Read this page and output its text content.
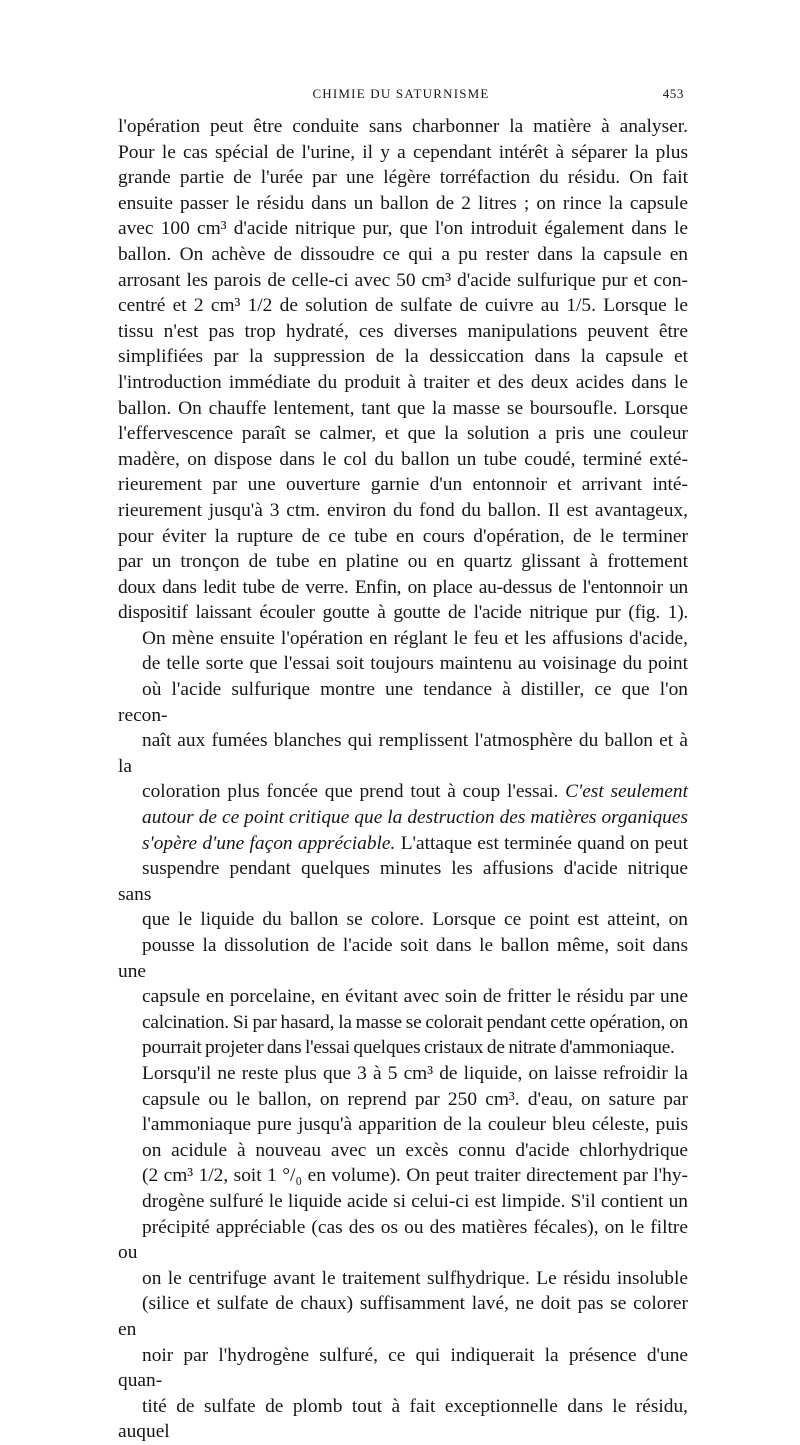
CHIMIE DU SATURNISME	453

l'opération peut être conduite sans charbonner la matière à analyser.
Pour le cas spécial de l'urine, il y a cependant intérêt à séparer la plus
grande partie de l'urée par une légère torréfaction du résidu. On fait
ensuite passer le résidu dans un ballon de 2 litres ; on rince la capsule
avec 100 cm³ d'acide nitrique pur, que l'on introduit également dans le
ballon. On achève de dissoudre ce qui a pu rester dans la capsule en
arrosant les parois de celle-ci avec 50 cm³ d'acide sulfurique pur et con-
centré et 2 cm³ 1/2 de solution de sulfate de cuivre au 1/5. Lorsque le
tissu n'est pas trop hydraté, ces diverses manipulations peuvent être
simplifiées par la suppression de la dessiccation dans la capsule et
l'introduction immédiate du produit à traiter et des deux acides dans le
ballon. On chauffe lentement, tant que la masse se boursoufle. Lorsque
l'effervescence paraît se calmer, et que la solution a pris une couleur
madère, on dispose dans le col du ballon un tube coudé, terminé exté-
rieurement par une ouverture garnie d'un entonnoir et arrivant inté-
rieurement jusqu'à 3 ctm. environ du fond du ballon. Il est avantageux,
pour éviter la rupture de ce tube en cours d'opération, de le terminer
par un tronçon de tube en platine ou en quartz glissant à frottement
doux dans ledit tube de verre. Enfin, on place au-dessus de l'entonnoir un
dispositif laissant écouler goutte à goutte de l'acide nitrique pur (fig. 1).

On mène ensuite l'opération en réglant le feu et les affusions d'acide,
de telle sorte que l'essai soit toujours maintenu au voisinage du point
où l'acide sulfurique montre une tendance à distiller, ce que l'on recon-
naît aux fumées blanches qui remplissent l'atmosphère du ballon et à la
coloration plus foncée que prend tout à coup l'essai. C'est seulement
autour de ce point critique que la destruction des matières organiques
s'opère d'une façon appréciable. L'attaque est terminée quand on peut
suspendre pendant quelques minutes les affusions d'acide nitrique sans
que le liquide du ballon se colore. Lorsque ce point est atteint, on
pousse la dissolution de l'acide soit dans le ballon même, soit dans une
capsule en porcelaine, en évitant avec soin de fritter le résidu par une
calcination. Si par hasard, la masse se colorait pendant cette opération, on
pourrait projeter dans l'essai quelques cristaux de nitrate d'ammoniaque.

Lorsqu'il ne reste plus que 3 à 5 cm³ de liquide, on laisse refroidir la
capsule ou le ballon, on reprend par 250 cm³. d'eau, on sature par
l'ammoniaque pure jusqu'à apparition de la couleur bleu céleste, puis
on acidule à nouveau avec un excès connu d'acide chlorhydrique
(2 cm³ 1/2, soit 1 °/₀ en volume). On peut traiter directement par l'hy-
drogène sulfuré le liquide acide si celui-ci est limpide. S'il contient un
précipité appréciable (cas des os ou des matières fécales), on le filtre ou
on le centrifuge avant le traitement sulfhydrique. Le résidu insoluble
(silice et sulfate de chaux) suffisamment lavé, ne doit pas se colorer en
noir par l'hydrogène sulfuré, ce qui indiquerait la présence d'une quan-
tité de sulfate de plomb tout à fait exceptionnelle dans le résidu, auquel
